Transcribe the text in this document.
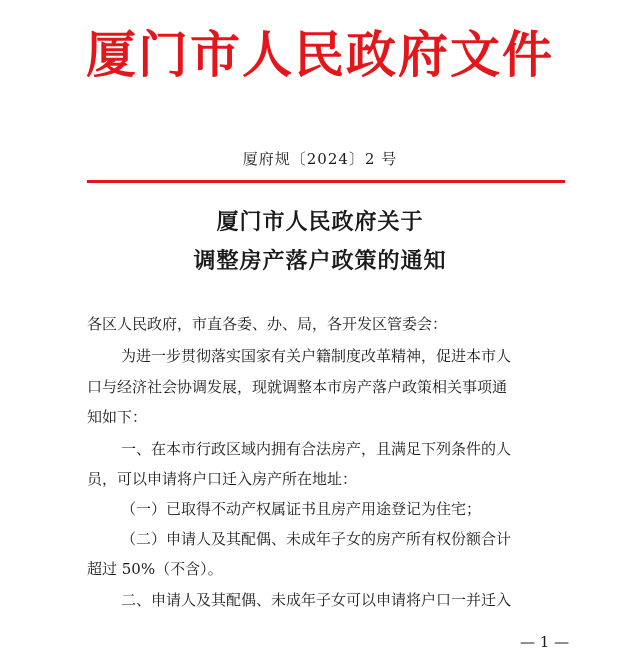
厦门市人民政府文件
厦府规〔2024〕2 号
厦门市人民政府关于
调整房产落户政策的通知
各区人民政府，市直各委、办、局，各开发区管委会：
为进一步贯彻落实国家有关户籍制度改革精神，促进本市人
口与经济社会协调发展，现就调整本市房产落户政策相关事项通
知如下：
一、在本市行政区域内拥有合法房产，且满足下列条件的人
员，可以申请将户口迁入房产所在地址：
（一）已取得不动产权属证书且房产用途登记为住宅；
（二）申请人及其配偶、未成年子女的房产所有权份额合计
超过 50%（不含）。
二、申请人及其配偶、未成年子女可以申请将户口一并迁入
— 1 —
